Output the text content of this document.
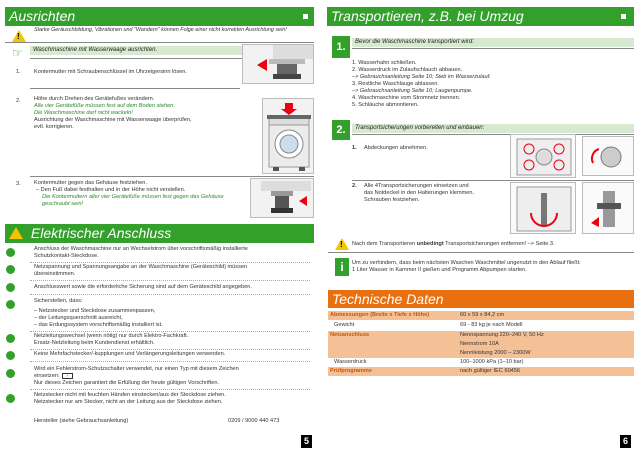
Ausrichten
!
Starke Geräuschbildung, Vibrationen und "Wandern" können Folge einer nicht korrekten Ausrichtung sein!
☞	Waschmaschine mit Wasserwaage ausrichten.
1. Kontermutter mit Schraubenschlüssel im Uhrzeigersinn lösen.
2. Höhe durch Drehen des Gerätefußes verändern.
Alle vier Gerätefüße müssen fest auf dem Boden stehen.
Die Waschmaschine darf nicht wackeln!
Ausrichtung der Waschmaschine mit Wasserwaage überprüfen,
evtl. korrigieren.
3. Kontermutter gegen das Gehäuse festziehen.
– Den Fuß dabei festhalten und in der Höhe nicht verstellen.
Die Kontermuttern aller vier Gerätefüße müssen fest gegen das Gehäuse
geschraubt sein!
Elektrischer Anschluss
Anschluss der Waschmaschine nur an Wechselstrom über vorschriftsmäßig installierte
Schutzkontakt-Steckdose.
Netzspannung und Spannungsangabe an der Waschmaschine (Geräteschild) müssen
übereinstimmen.
Anschlusswert sowie die erforderliche Sicherung sind auf dem Geräteschild angegeben.
Sicherstellen, dass:
– Netzstecker und Steckdose zusammenpassen,
– der Leitungsquerschnitt ausreicht,
– das Erdungssystem vorschriftsmäßig installiert ist.
Netzleitungswechsel (wenn nötig) nur durch Elektro-Fachkraft.
Ersatz-Netzleitung beim Kundendienst erhältlich.
Keine Mehrfachstecker/-kupplungen und Verlängerungsleitungen verwenden.
Wird ein Fehlerstrom-Schutzschalter verwendet, nur einen Typ mit diesem Zeichen
einsetzen:	⏚
Nur dieses Zeichen garantiert die Erfüllung der heute gültigen Vorschriften.
Netzstecker nicht mit feuchten Händen einstecken/aus der Steckdose ziehen.
Netzstecker nur am Stecker, nicht an der Leitung aus der Steckdose ziehen.
Hersteller (siehe Gebrauchsanleitung)	0209 / 9000 440 473
5
Transportieren, z.B. bei Umzug
1.	Bevor die Waschmaschine transportiert wird:
1. Wasserhahn schließen.
2. Wasserdruck im Zulaufschlauch abbauen.
–> Gebrauchsanleitung Seite 10; Sieb im Wasserzulauf.
3. Restliche Waschlauge ablassen.
–> Gebrauchsanleitung Seite 10; Laugenpumpe.
4. Waschmaschine vom Stromnetz trennen.
5. Schläuche abmontieren.
2.	Transportsicherungen vorbereiten und einbauen:
1. Abdeckungen abnehmen.
2. Alle 4Transportsicherungen einsetzen und
das Notdeckel in den Halterungen klemmen.
Schrauben festziehen.
! Nach dem Transportieren unbedingt Transportsicherungen entfernen! –> Seite 3.
i	Um zu verhindern, dass beim nächsten Waschen Waschmittel ungenutzt in den Ablauf fließt:
1 Liter Wasser in Kammer II gießen und Programm Abpumpen starten.
Technische Daten
Abmessungen (Breite x Tiefe x Höhe)	60 x 59 x 84,2 cm
Gewicht	69 - 83 kg je nach Modell
Netzanschluss	Nennspannung 220–240 V, 50 Hz
Nennstrom 10A
Nennleistung 2000 – 2300W
Wasserdruck	100–1000 kPa (1–10 bar)
Prüfprogramme	nach gültiger IEC 60456
6
